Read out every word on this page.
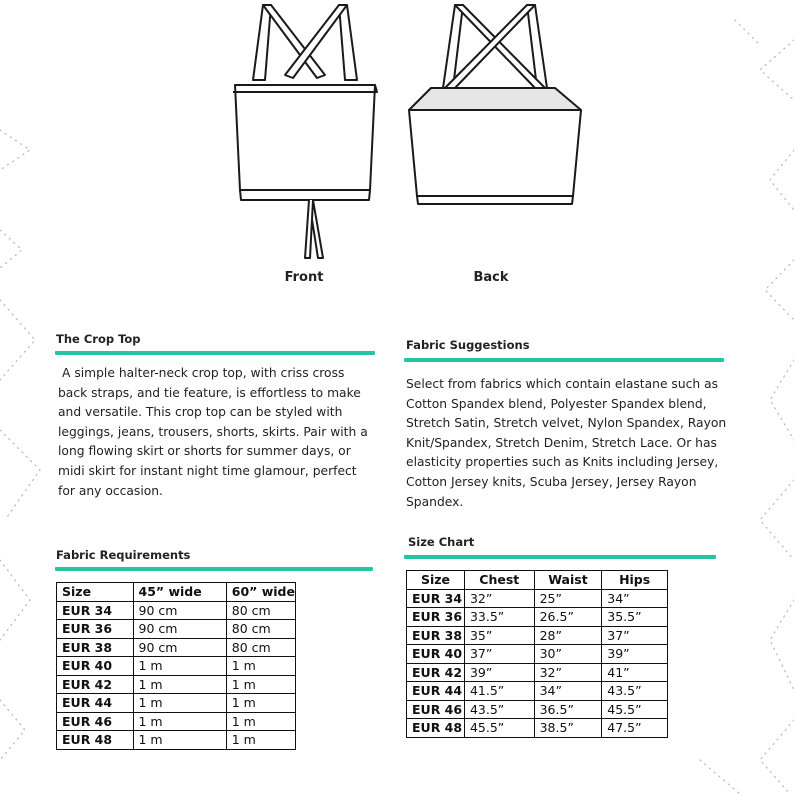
Front	Back
The Crop Top
A simple halter-neck crop top, with criss cross
back straps, and tie feature, is effortless to make
and versatile. This crop top can be styled with
leggings, jeans, trousers, shorts, skirts. Pair with a
long flowing skirt or shorts for summer days, or
midi skirt for instant night time glamour, perfect
for any occasion.
Fabric Suggestions
Select from fabrics which contain elastane such as
Cotton Spandex blend, Polyester Spandex blend,
Stretch Satin, Stretch velvet, Nylon Spandex, Rayon
Knit/Spandex, Stretch Denim, Stretch Lace. Or has
elasticity properties such as Knits including Jersey,
Cotton Jersey knits, Scuba Jersey, Jersey Rayon
Spandex.
Fabric Requirements
Size	45” wide	60” wide
EUR 34	90 cm	80 cm
EUR 36	90 cm	80 cm
EUR 38	90 cm	80 cm
EUR 40	1 m	1 m
EUR 42	1 m	1 m
EUR 44	1 m	1 m
EUR 46	1 m	1 m
EUR 48	1 m	1 m
Size Chart
Size	Chest	Waist	Hips
EUR 34	32”	25”	34”
EUR 36	33.5”	26.5”	35.5”
EUR 38	35”	28”	37”
EUR 40	37”	30”	39”
EUR 42	39”	32”	41”
EUR 44	41.5”	34”	43.5”
EUR 46	43.5”	36.5”	45.5”
EUR 48	45.5”	38.5”	47.5”
